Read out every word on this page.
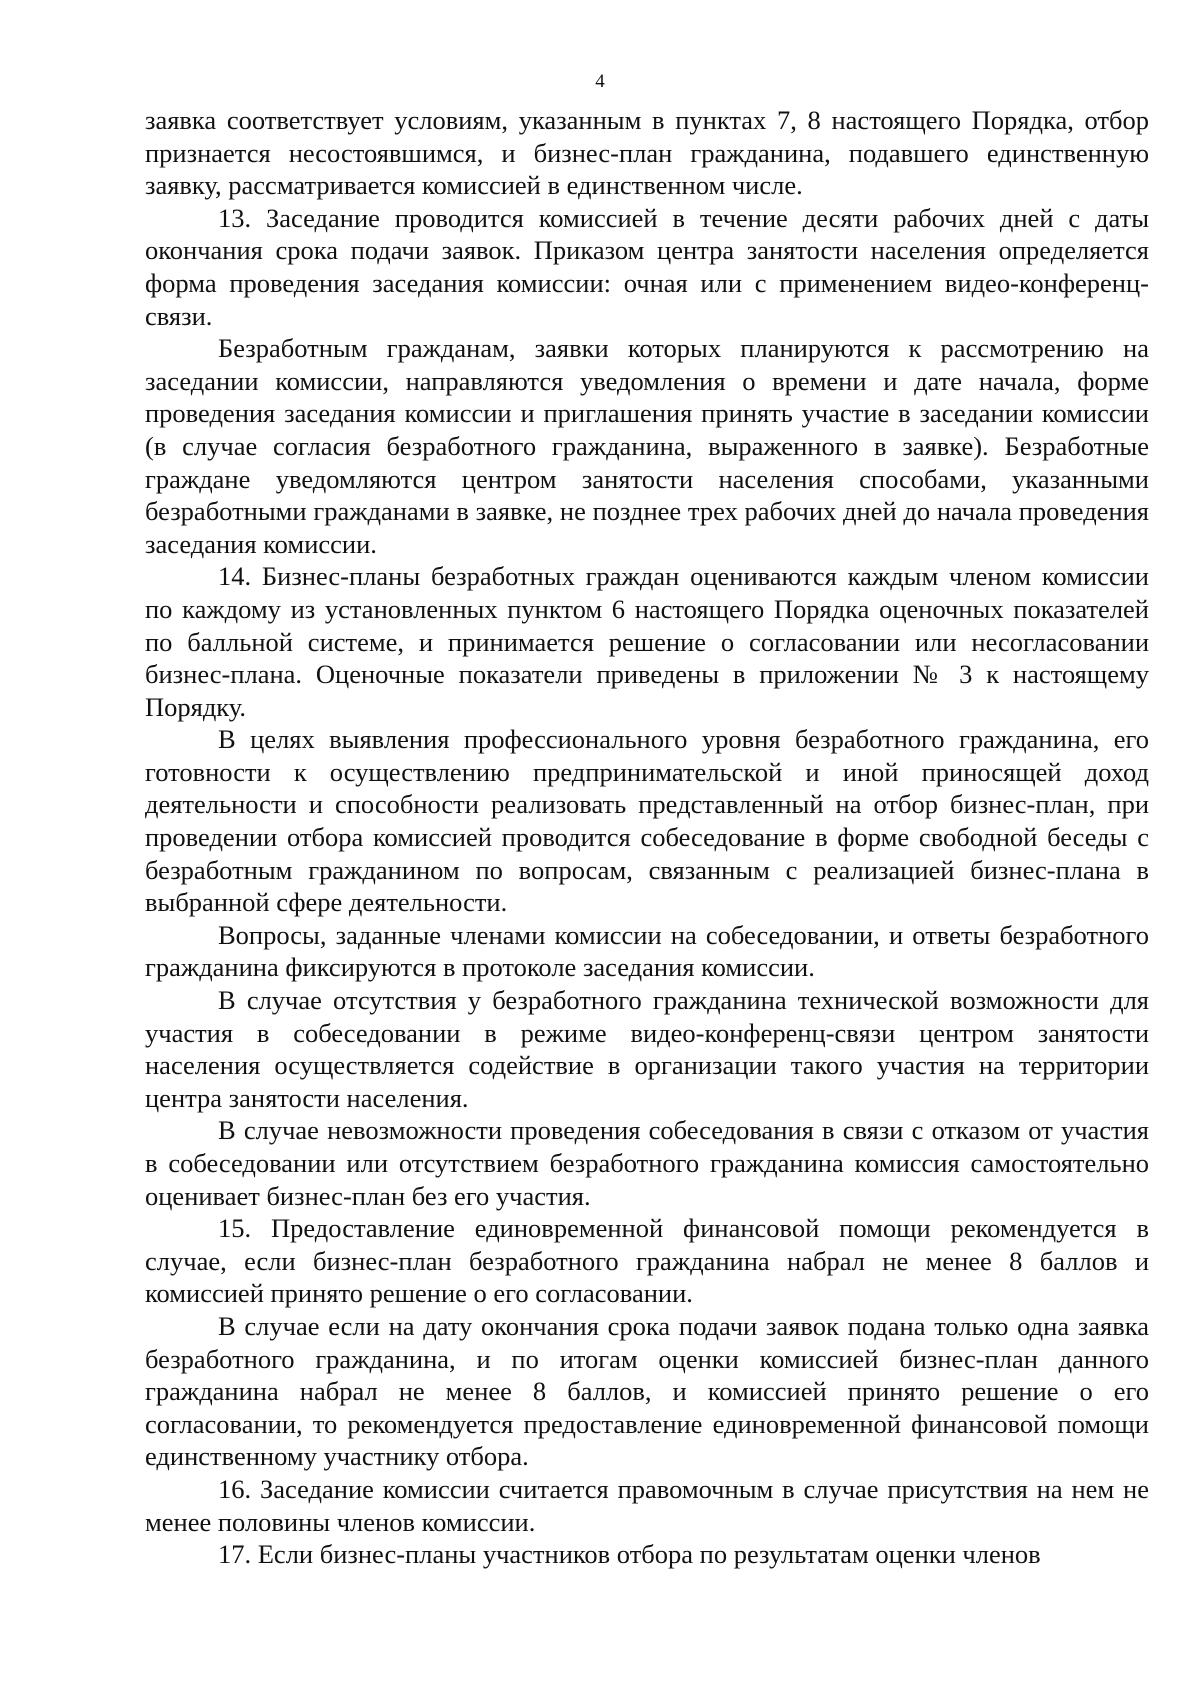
4

заявка соответствует условиям, указанным в пунктах 7, 8 настоящего Порядка, отбор признается несостоявшимся, и бизнес-план гражданина, подавшего единственную заявку, рассматривается комиссией в единственном числе.

13. Заседание проводится комиссией в течение десяти рабочих дней с даты окончания срока подачи заявок. Приказом центра занятости населения определяется форма проведения заседания комиссии: очная или с применением видео-конференц-связи.

Безработным гражданам, заявки которых планируются к рассмотрению на заседании комиссии, направляются уведомления о времени и дате начала, форме проведения заседания комиссии и приглашения принять участие в заседании комиссии (в случае согласия безработного гражданина, выраженного в заявке). Безработные граждане уведомляются центром занятости населения способами, указанными безработными гражданами в заявке, не позднее трех рабочих дней до начала проведения заседания комиссии.

14. Бизнес-планы безработных граждан оцениваются каждым членом комиссии по каждому из установленных пунктом 6 настоящего Порядка оценочных показателей по балльной системе, и принимается решение о согласовании или несогласовании бизнес-плана. Оценочные показатели приведены в приложении № 3 к настоящему Порядку.

В целях выявления профессионального уровня безработного гражданина, его готовности к осуществлению предпринимательской и иной приносящей доход деятельности и способности реализовать представленный на отбор бизнес-план, при проведении отбора комиссией проводится собеседование в форме свободной беседы с безработным гражданином по вопросам, связанным с реализацией бизнес-плана в выбранной сфере деятельности.

Вопросы, заданные членами комиссии на собеседовании, и ответы безработного гражданина фиксируются в протоколе заседания комиссии.

В случае отсутствия у безработного гражданина технической возможности для участия в собеседовании в режиме видео-конференц-связи центром занятости населения осуществляется содействие в организации такого участия на территории центра занятости населения.

В случае невозможности проведения собеседования в связи с отказом от участия в собеседовании или отсутствием безработного гражданина комиссия самостоятельно оценивает бизнес-план без его участия.

15. Предоставление единовременной финансовой помощи рекомендуется в случае, если бизнес-план безработного гражданина набрал не менее 8 баллов и комиссией принято решение о его согласовании.

В случае если на дату окончания срока подачи заявок подана только одна заявка безработного гражданина, и по итогам оценки комиссией бизнес-план данного гражданина набрал не менее 8 баллов, и комиссией принято решение о его согласовании, то рекомендуется предоставление единовременной финансовой помощи единственному участнику отбора.

16. Заседание комиссии считается правомочным в случае присутствия на нем не менее половины членов комиссии.

17. Если бизнес-планы участников отбора по результатам оценки членов
